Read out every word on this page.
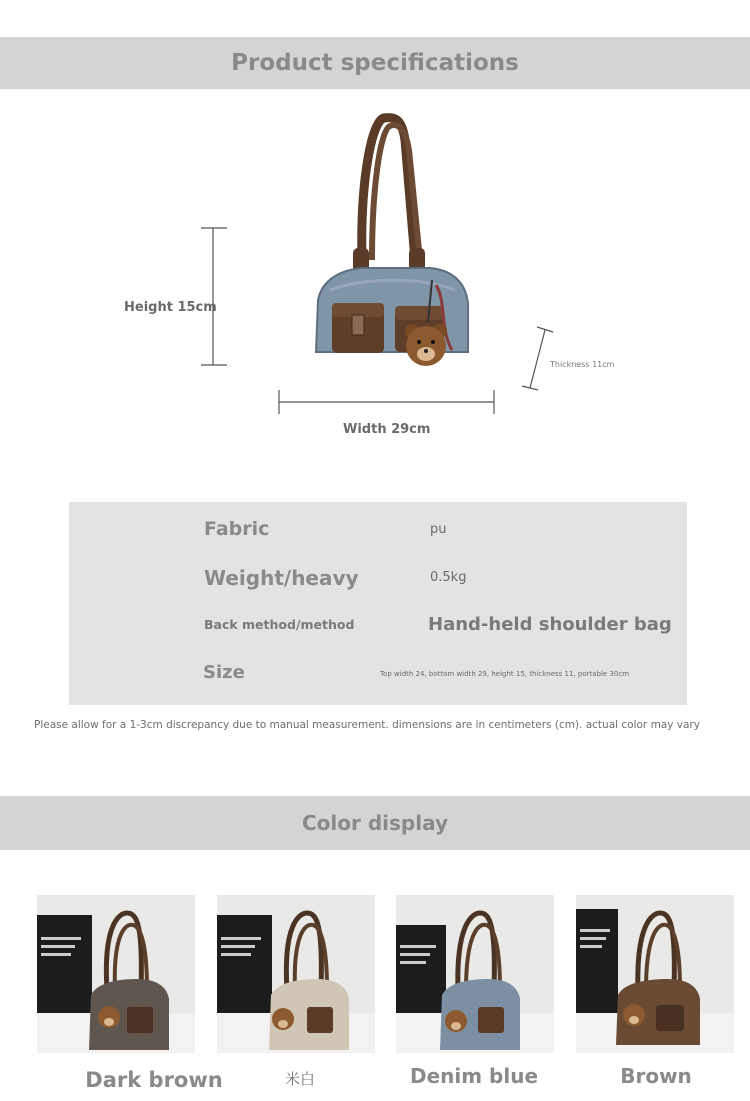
Product specifications
Height 15cm
Width 29cm
Thickness 11cm
Fabric	pu
Weight/heavy	0.5kg
Back method/method	Hand-held shoulder bag
Size	Top width 24, bottom width 29, height 15, thickness 11, portable 30cm
Please allow for a 1-3cm discrepancy due to manual measurement. dimensions are in centimeters (cm). actual color may vary
Color display
Dark brown	米白	Denim blue	Brown
